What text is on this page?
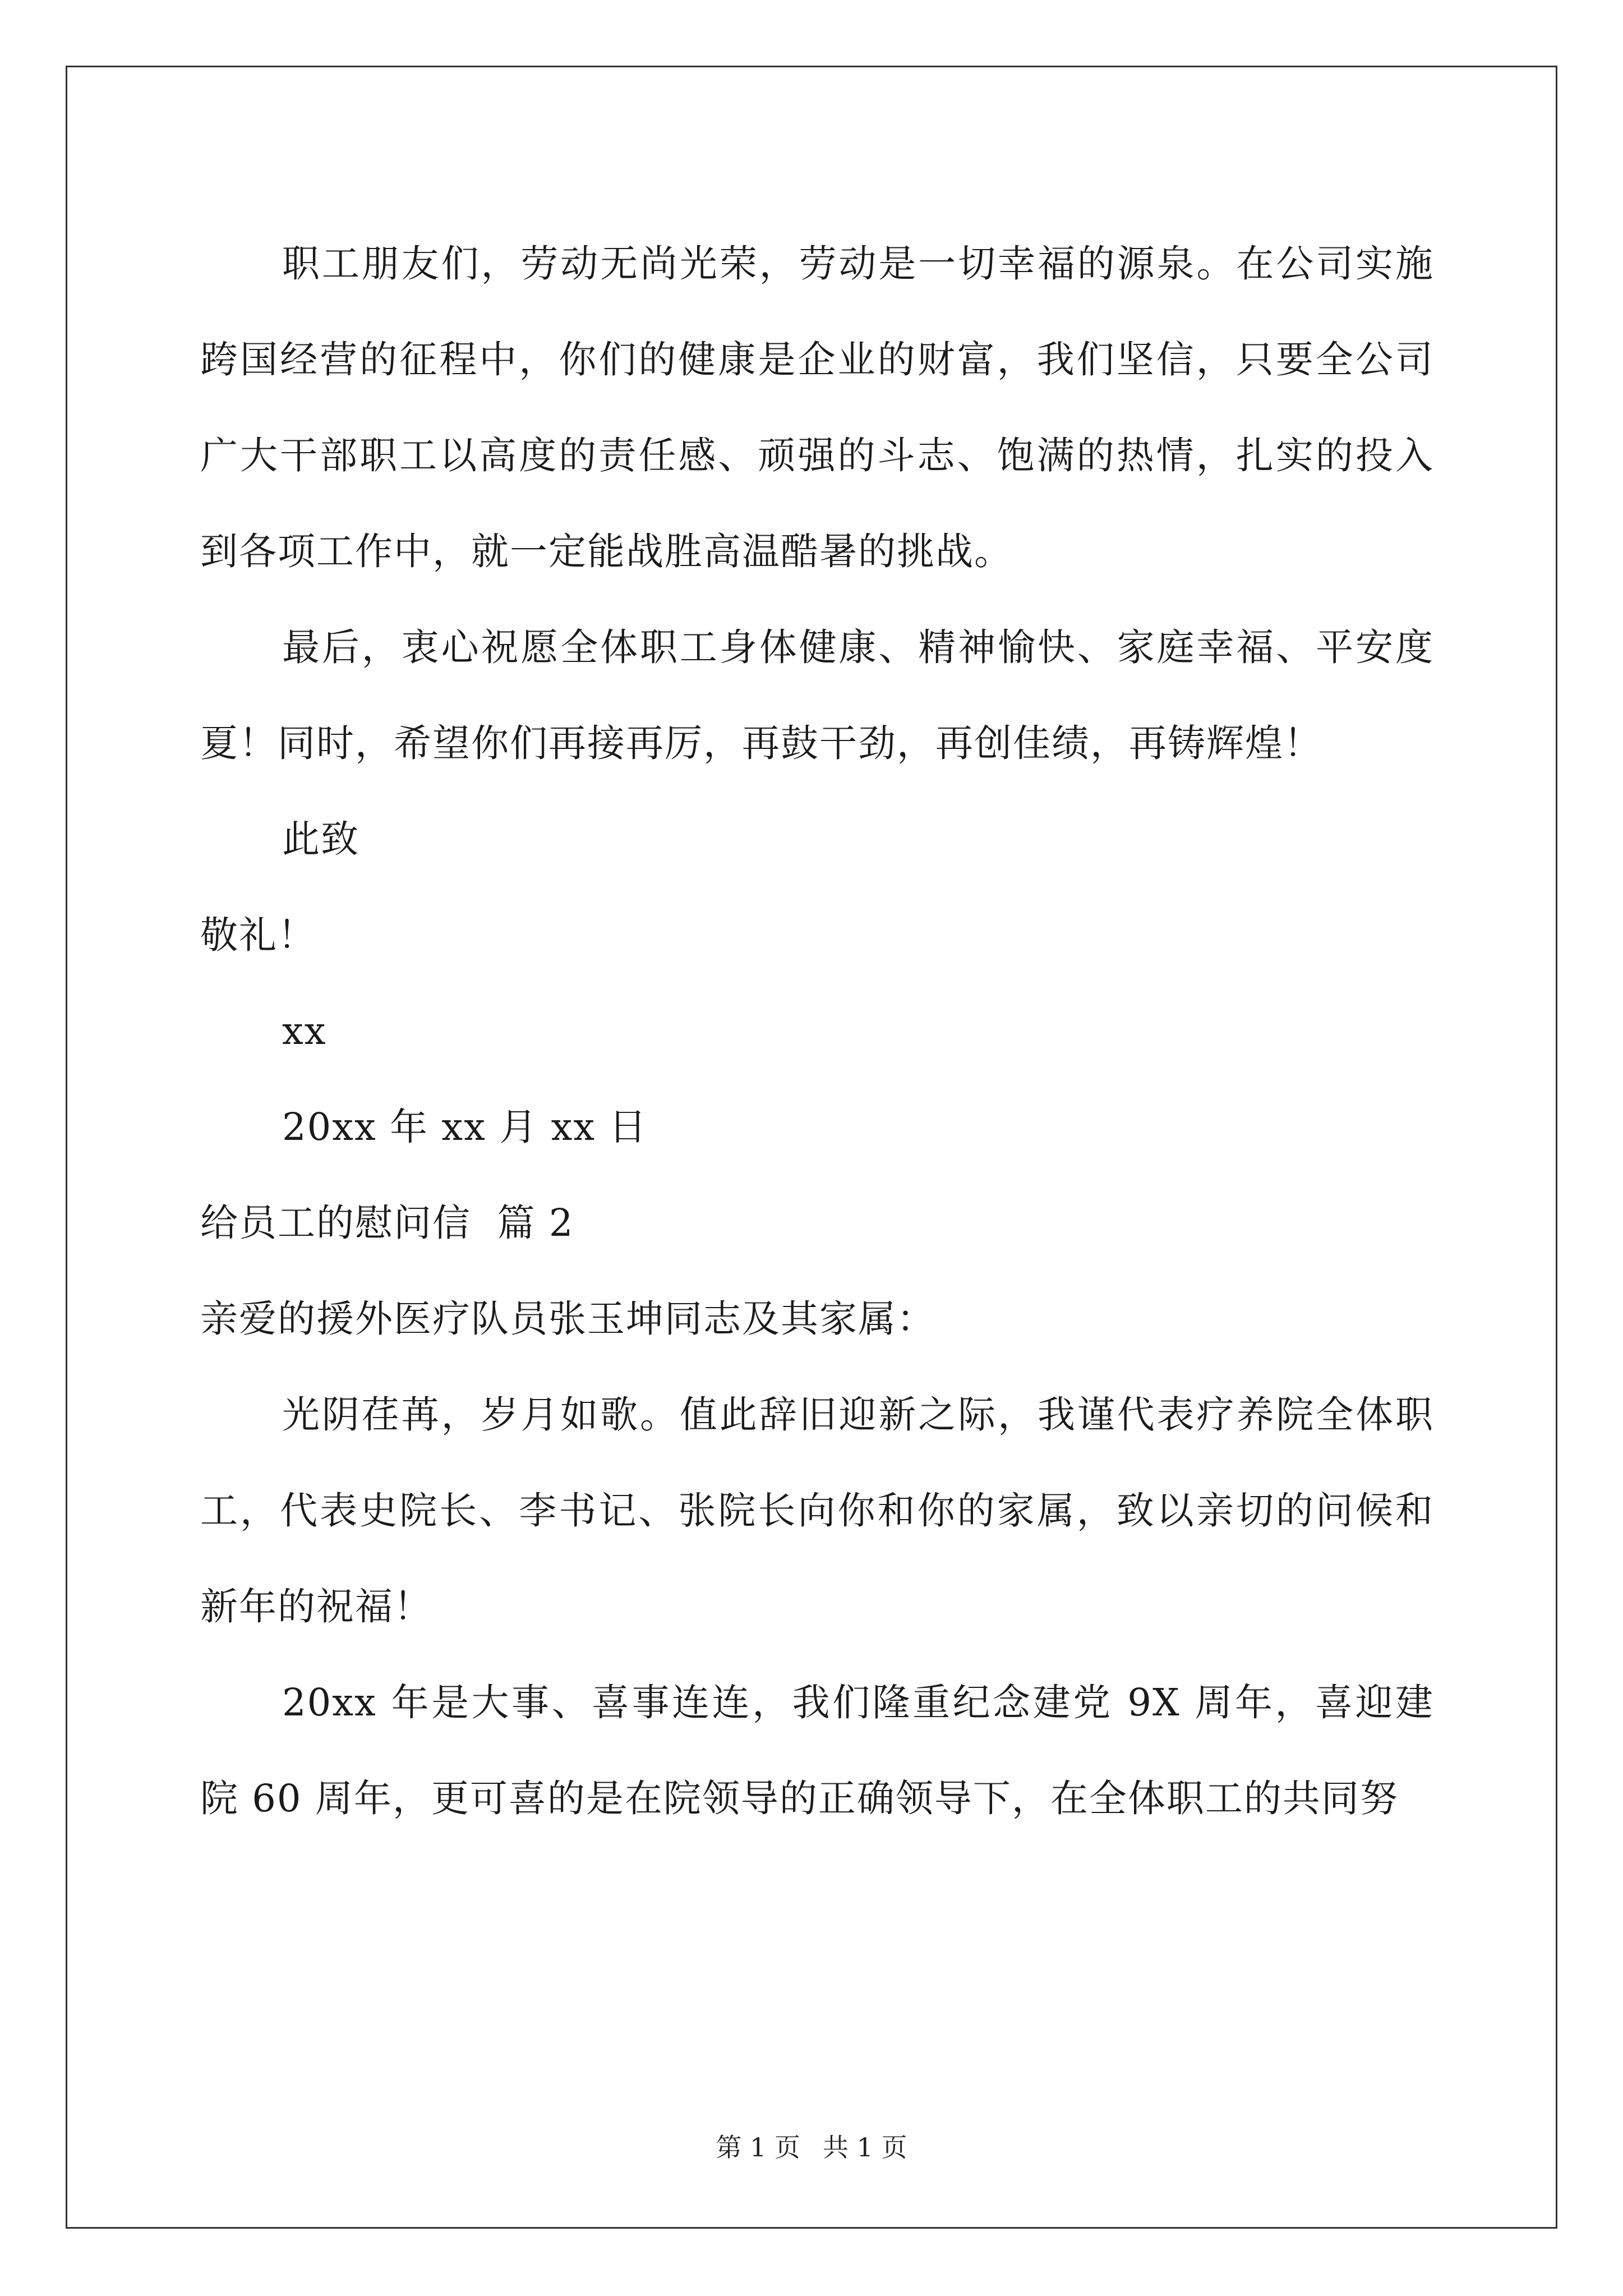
职工朋友们，劳动无尚光荣，劳动是一切幸福的源泉。在公司实施跨国经营的征程中，你们的健康是企业的财富，我们坚信，只要全公司广大干部职工以高度的责任感、顽强的斗志、饱满的热情，扎实的投入到各项工作中，就一定能战胜高温酷暑的挑战。

最后，衷心祝愿全体职工身体健康、精神愉快、家庭幸福、平安度夏！同时，希望你们再接再厉，再鼓干劲，再创佳绩，再铸辉煌！

此致

敬礼！

xx

20xx 年 xx 月 xx 日

给员工的慰问信  篇 2

亲爱的援外医疗队员张玉坤同志及其家属：

光阴荏苒，岁月如歌。值此辞旧迎新之际，我谨代表疗养院全体职工，代表史院长、李书记、张院长向你和你的家属，致以亲切的问候和新年的祝福！

20xx 年是大事、喜事连连，我们隆重纪念建党 9X 周年，喜迎建院 60 周年，更可喜的是在院领导的正确领导下，在全体职工的共同努

第 1 页 共 1 页
